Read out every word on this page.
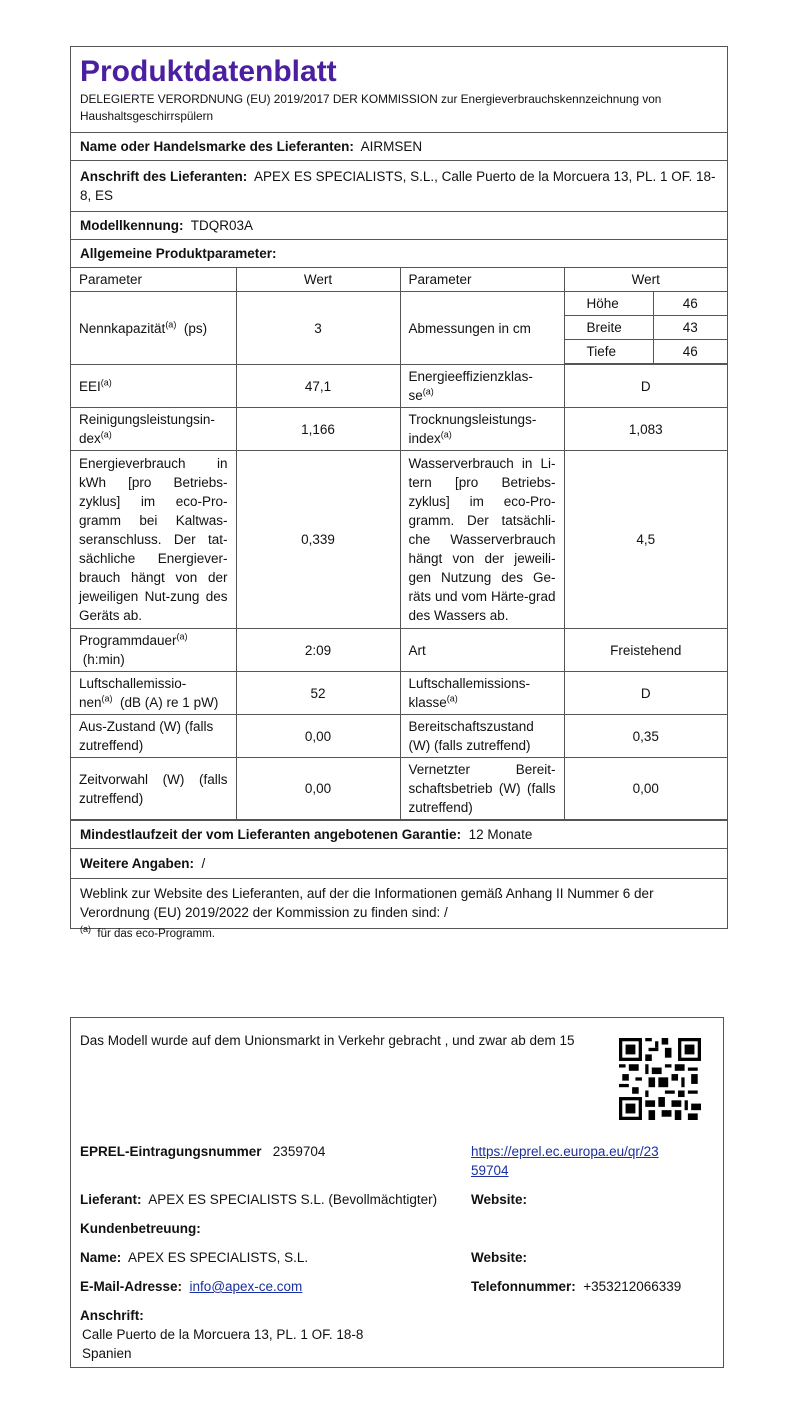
Produktdatenblatt
DELEGIERTE VERORDNUNG (EU) 2019/2017 DER KOMMISSION zur Energieverbrauchskennzeichnung von Haushaltsgeschirrspülern
Name oder Handelsmarke des Lieferanten: AIRMSEN
Anschrift des Lieferanten: APEX ES SPECIALISTS, S.L., Calle Puerto de la Morcuera 13, PL. 1 OF. 18-8, ES
Modellkennung: TDQR03A
Allgemeine Produktparameter:
Parameter	Wert	Parameter	Wert
Nennkapazität$^{(a)}$ (ps)	3	Abmessungen in cm	
Höhe	46
Breite	43
Tiefe	46

EEI$^{(a)}$	47,1	Energieeffizienzklas-$se^{(a)}$	D
Reinigungsleistungsin-dex$^{(a)}$	1,166	Trocknungsleistungs-index$^{(a)}$	1,083
Energieverbrauch in kWh [pro Betriebs-zyklus] im eco-Pro-gramm bei Kaltwas-seranschluss. Der tat-sächliche Energiever-brauch hängt von der jeweiligen Nut-zung des Geräts ab.	0,339	Wasserverbrauch in Li-tern [pro Betriebs-zyklus] im eco-Pro-gramm. Der tatsächli-che Wasserverbrauch hängt von der jeweili-gen Nutzung des Ge-räts und vom Härte-grad des Wassers ab.	4,5
Programmdauer$^{(a)}$
(h:min)	2:09	Art	Freistehend
Luftschallemissio-nen$^{(a)}$ (dB (A) re 1 pW)	52	Luftschallemissions-klasse$^{(a)}$	D
Aus-Zustand (W) (falls zutreffend)	0,00	Bereitschaftszustand (W) (falls zutreffend)	0,35
Zeitvorwahl (W) (falls zutreffend)	0,00	Vernetzter Bereit-schaftsbetrieb (W) (falls zutreffend)	0,00
Mindestlaufzeit der vom Lieferanten angebotenen Garantie: 12 Monate
Weitere Angaben: /
Weblink zur Website des Lieferanten, auf der die Informationen gemäß Anhang II Nummer 6 der Verordnung (EU) 2019/2022 der Kommission zu finden sind: /
$^{(a)}$ für das eco-Programm.
Das Modell wurde auf dem Unionsmarkt in Verkehr gebracht , und zwar ab dem 15
EPREL-Eintragungsnummer 2359704	https://eprel.ec.europa.eu/qr/23
59704
Lieferant: APEX ES SPECIALISTS S.L. (Bevollmächtigter)	Website:
Kundenbetreuung:
Name: APEX ES SPECIALISTS, S.L.	Website:
E-Mail-Adresse: info@apex-ce.com	Telefonnummer: +353212066339
Anschrift:
Calle Puerto de la Morcuera 13, PL. 1 OF. 18-8
Spanien
